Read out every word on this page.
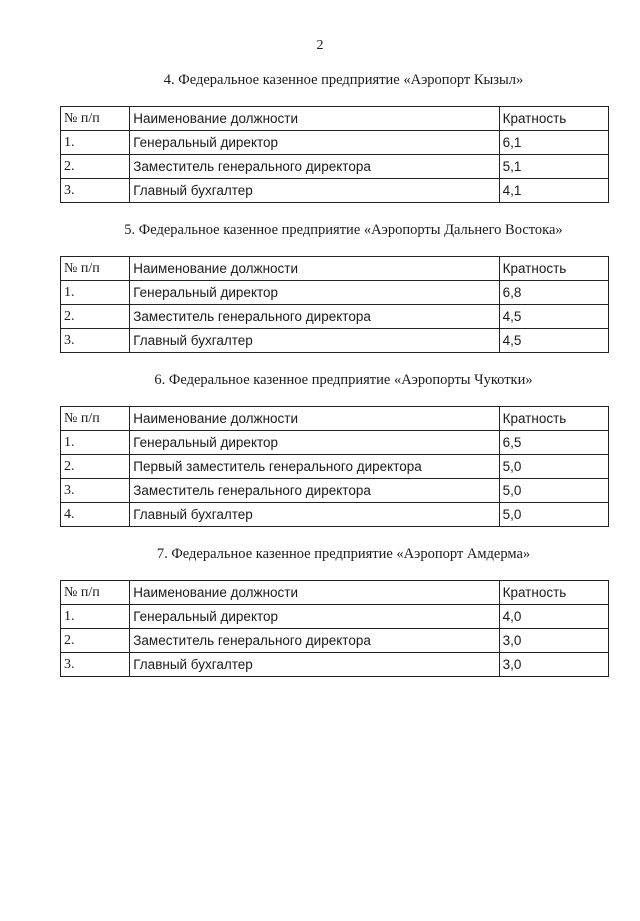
2
4. Федеральное казенное предприятие «Аэропорт Кызыл»
№ п/п	Наименование должности	Кратность
1.	Генеральный директор	6,1
2.	Заместитель генерального директора	5,1
3.	Главный бухгалтер	4,1
5. Федеральное казенное предприятие «Аэропорты Дальнего Востока»
№ п/п	Наименование должности	Кратность
1.	Генеральный директор	6,8
2.	Заместитель генерального директора	4,5
3.	Главный бухгалтер	4,5
6. Федеральное казенное предприятие «Аэропорты Чукотки»
№ п/п	Наименование должности	Кратность
1.	Генеральный директор	6,5
2.	Первый заместитель генерального директора	5,0
3.	Заместитель генерального директора	5,0
4.	Главный бухгалтер	5,0
7. Федеральное казенное предприятие «Аэропорт Амдерма»
№ п/п	Наименование должности	Кратность
1.	Генеральный директор	4,0
2.	Заместитель генерального директора	3,0
3.	Главный бухгалтер	3,0
